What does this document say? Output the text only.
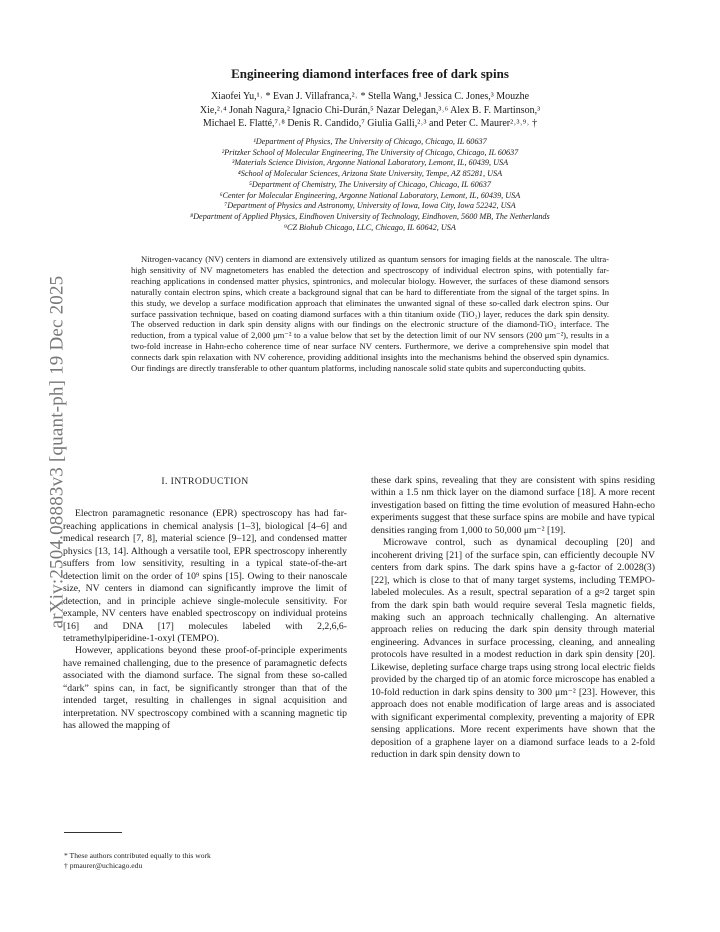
arXiv:2504.08883v3 [quant-ph] 19 Dec 2025
Engineering diamond interfaces free of dark spins
Xiaofei Yu,¹˒ * Evan J. Villafranca,²˒ * Stella Wang,¹ Jessica C. Jones,³ Mouzhe
Xie,²˒⁴ Jonah Nagura,² Ignacio Chi-Durán,⁵ Nazar Delegan,³˒⁶ Alex B. F. Martinson,³
Michael E. Flatté,⁷˒⁸ Denis R. Candido,⁷ Giulia Galli,²˒³ and Peter C. Maurer²˒³˒⁹˒ †
¹Department of Physics, The University of Chicago, Chicago, IL 60637
²Pritzker School of Molecular Engineering, The University of Chicago, Chicago, IL 60637
³Materials Science Division, Argonne National Laboratory, Lemont, IL, 60439, USA
⁴School of Molecular Sciences, Arizona State University, Tempe, AZ 85281, USA
⁵Department of Chemistry, The University of Chicago, Chicago, IL 60637
⁶Center for Molecular Engineering, Argonne National Laboratory, Lemont, IL, 60439, USA
⁷Department of Physics and Astronomy, University of Iowa, Iowa City, Iowa 52242, USA
⁸Department of Applied Physics, Eindhoven University of Technology, Eindhoven, 5600 MB, The Netherlands
⁹CZ Biohub Chicago, LLC, Chicago, IL 60642, USA
Nitrogen-vacancy (NV) centers in diamond are extensively utilized as quantum sensors for imaging fields at the nanoscale. The ultra-high sensitivity of NV magnetometers has enabled the detection and spectroscopy of individual electron spins, with potentially far-reaching applications in condensed matter physics, spintronics, and molecular biology. However, the surfaces of these diamond sensors naturally contain electron spins, which create a background signal that can be hard to differentiate from the signal of the target spins. In this study, we develop a surface modification approach that eliminates the unwanted signal of these so-called dark electron spins. Our surface passivation technique, based on coating diamond surfaces with a thin titanium oxide (TiO₂) layer, reduces the dark spin density. The observed reduction in dark spin density aligns with our findings on the electronic structure of the diamond-TiO₂ interface. The reduction, from a typical value of 2,000 μm⁻² to a value below that set by the detection limit of our NV sensors (200 μm⁻²), results in a two-fold increase in Hahn-echo coherence time of near surface NV centers. Furthermore, we derive a comprehensive spin model that connects dark spin relaxation with NV coherence, providing additional insights into the mechanisms behind the observed spin dynamics. Our findings are directly transferable to other quantum platforms, including nanoscale solid state qubits and superconducting qubits.

I. INTRODUCTION

Electron paramagnetic resonance (EPR) spectroscopy has had far-reaching applications in chemical analysis [1–3], biological [4–6] and medical research [7, 8], material science [9–12], and condensed matter physics [13, 14]. Although a versatile tool, EPR spectroscopy inherently suffers from low sensitivity, resulting in a typical state-of-the-art detection limit on the order of 10⁹ spins [15]. Owing to their nanoscale size, NV centers in diamond can significantly improve the limit of detection, and in principle achieve single-molecule sensitivity. For example, NV centers have enabled spectroscopy on individual proteins [16] and DNA [17] molecules labeled with 2,2,6,6-tetramethylpiperidine-1-oxyl (TEMPO).

However, applications beyond these proof-of-principle experiments have remained challenging, due to the presence of paramagnetic defects associated with the diamond surface. The signal from these so-called “dark” spins can, in fact, be significantly stronger than that of the intended target, resulting in challenges in signal acquisition and interpretation. NV spectroscopy combined with a scanning magnetic tip has allowed the mapping of

these dark spins, revealing that they are consistent with spins residing within a 1.5 nm thick layer on the diamond surface [18]. A more recent investigation based on fitting the time evolution of measured Hahn-echo experiments suggest that these surface spins are mobile and have typical densities ranging from 1,000 to 50,000 μm⁻² [19].

Microwave control, such as dynamical decoupling [20] and incoherent driving [21] of the surface spin, can efficiently decouple NV centers from dark spins. The dark spins have a g-factor of 2.0028(3) [22], which is close to that of many target systems, including TEMPO-labeled molecules. As a result, spectral separation of a g≈2 target spin from the dark spin bath would require several Tesla magnetic fields, making such an approach technically challenging. An alternative approach relies on reducing the dark spin density through material engineering. Advances in surface processing, cleaning, and annealing protocols have resulted in a modest reduction in dark spin density [20]. Likewise, depleting surface charge traps using strong local electric fields provided by the charged tip of an atomic force microscope has enabled a 10-fold reduction in dark spins density to 300 μm⁻² [23]. However, this approach does not enable modification of large areas and is associated with significant experimental complexity, preventing a majority of EPR sensing applications. More recent experiments have shown that the deposition of a graphene layer on a diamond surface leads to a 2-fold reduction in dark spin density down to

* These authors contributed equally to this work
† pmaurer@uchicago.edu
